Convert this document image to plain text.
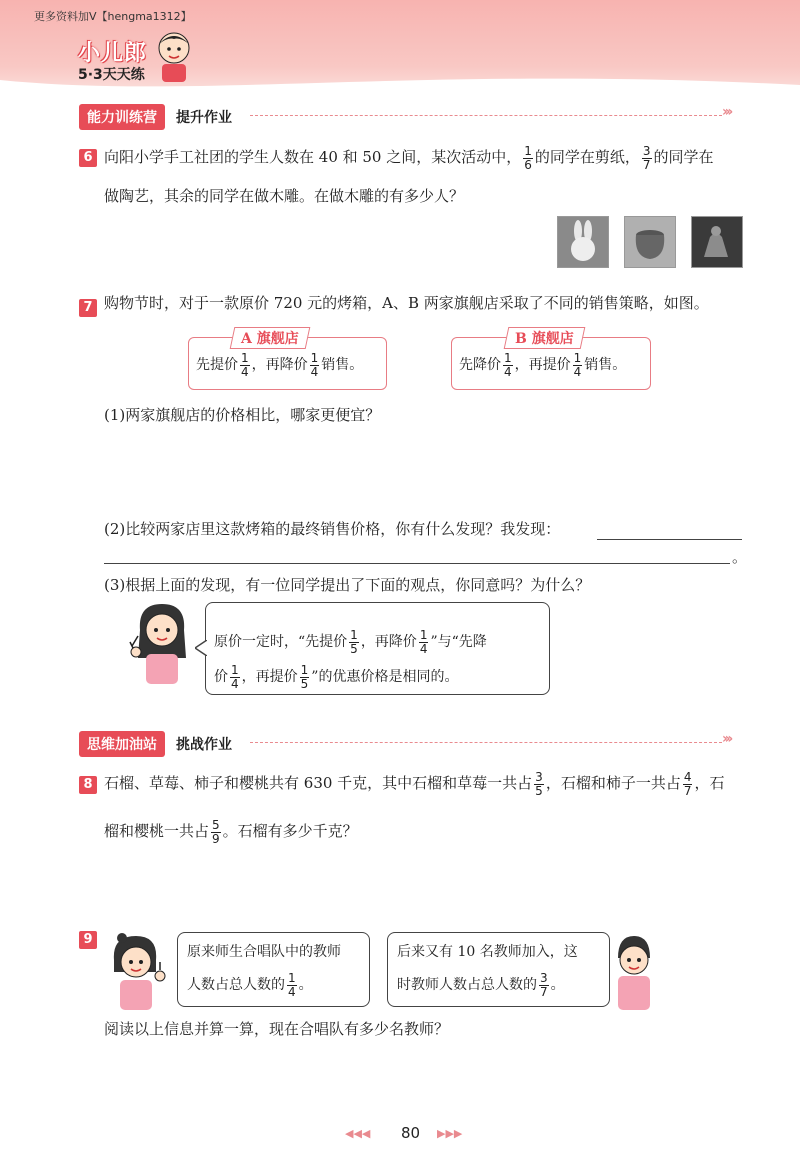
更多资料加V【hengma1312】
小儿郎
5·3天天练
能力训练营	提升作业	›››
6 向阳小学手工社团的学生人数在 40 和 50 之间，某次活动中， $\frac{1}{6}$ 的同学在剪纸， $\frac{3}{7}$ 的同学在
做陶艺，其余的同学在做木雕。在做木雕的有多少人？
7 购物节时，对于一款原价 720 元的烤箱，A、B 两家旗舰店采取了不同的销售策略，如图。
A 旗舰店
先提价 $\frac{1}{4}$ ，再降价 $\frac{1}{4}$ 销售。
B 旗舰店
先降价 $\frac{1}{4}$ ，再提价 $\frac{1}{4}$ 销售。
(1)两家旗舰店的价格相比，哪家更便宜？
(2)比较两家店里这款烤箱的最终销售价格，你有什么发现？我发现：
。
(3)根据上面的发现，有一位同学提出了下面的观点，你同意吗？为什么？
原价一定时，“先提价 $\frac{1}{5}$ ，再降价 $\frac{1}{4}$ ”与“先降
价 $\frac{1}{4}$ ，再提价 $\frac{1}{5}$ ”的优惠价格是相同的。
思维加油站	挑战作业	›››
8 石榴、草莓、柿子和樱桃共有 630 千克，其中石榴和草莓一共占 $\frac{3}{5}$ ，石榴和柿子一共占 $\frac{4}{7}$ ，石
榴和樱桃一共占 $\frac{5}{9}$ 。石榴有多少千克？
9
原来师生合唱队中的教师
人数占总人数的 $\frac{1}{4}$ 。
后来又有 10 名教师加入，这
时教师人数占总人数的 $\frac{3}{7}$ 。
阅读以上信息并算一算，现在合唱队有多少名教师？
◀◀◀ 80 ▶▶▶
